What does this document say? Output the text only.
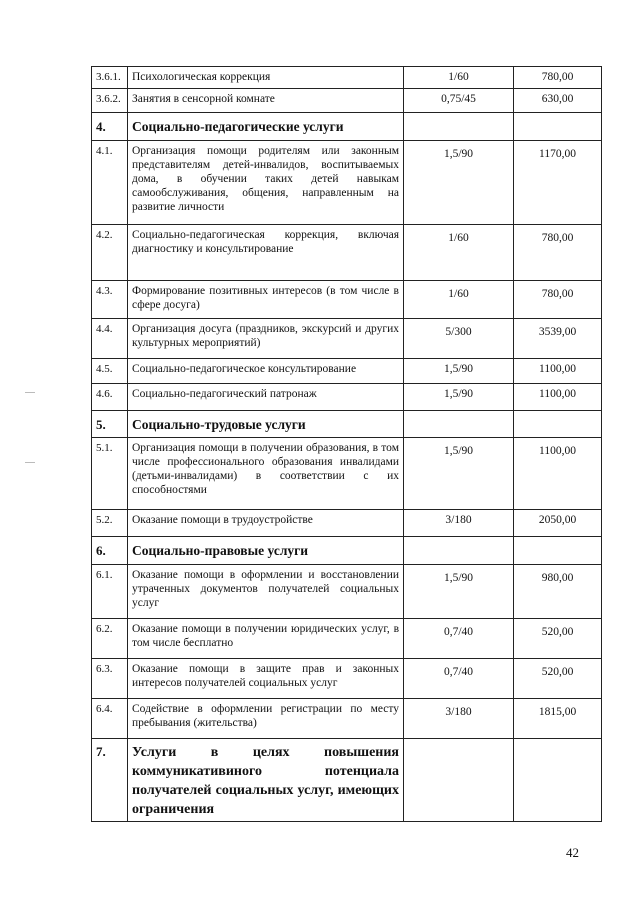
3.6.1.	Психологическая коррекция	1/60	780,00
3.6.2.	Занятия в сенсорной комнате	0,75/45	630,00
4.	Социально-педагогические услуги		
4.1.	Организация помощи родителям или законным представителям детей-инвалидов, воспитываемых дома, в обучении таких детей навыкам самообслуживания, общения, направленным на развитие личности	1,5/90	1170,00
4.2.	Социально-педагогическая коррекция, включая диагностику и консультирование	1/60	780,00
4.3.	Формирование позитивных интересов (в том числе в сфере досуга)	1/60	780,00
4.4.	Организация досуга (праздников, экскурсий и других культурных мероприятий)	5/300	3539,00
4.5.	Социально-педагогическое консультирование	1,5/90	1100,00
4.6.	Социально-педагогический патронаж	1,5/90	1100,00
5.	Социально-трудовые услуги		
5.1.	Организация помощи в получении образования, в том числе профессионального образования инвалидами (детьми-инвалидами) в соответствии с их способностями	1,5/90	1100,00
5.2.	Оказание помощи в трудоустройстве	3/180	2050,00
6.	Социально-правовые услуги		
6.1.	Оказание помощи в оформлении и восстановлении утраченных документов получателей социальных услуг	1,5/90	980,00
6.2.	Оказание помощи в получении юридических услуг, в том числе бесплатно	0,7/40	520,00
6.3.	Оказание помощи в защите прав и законных интересов получателей социальных услуг	0,7/40	520,00
6.4.	Содействие в оформлении регистрации по месту пребывания (жительства)	3/180	1815,00
7.	Услуги в целях повышения коммуникативиного потенциала получателей социальных услуг, имеющих ограничения		
42
